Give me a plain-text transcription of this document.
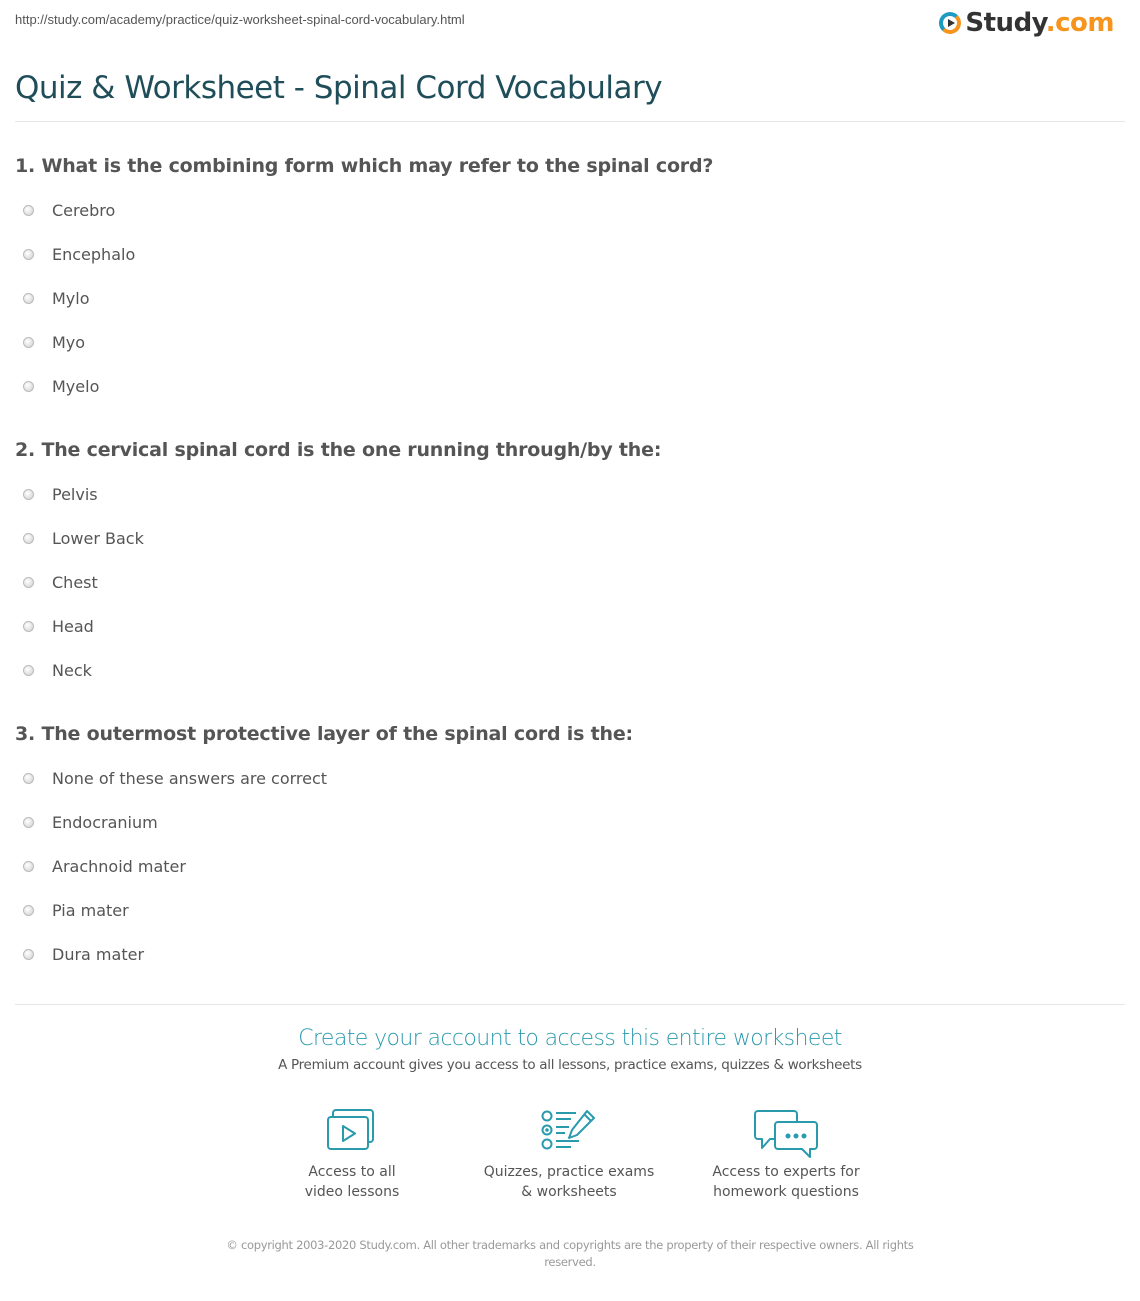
http://study.com/academy/practice/quiz-worksheet-spinal-cord-vocabulary.html	Study.com
Quiz & Worksheet - Spinal Cord Vocabulary
1. What is the combining form which may refer to the spinal cord?
Cerebro
Encephalo
Mylo
Myo
Myelo
2. The cervical spinal cord is the one running through/by the:
Pelvis
Lower Back
Chest
Head
Neck
3. The outermost protective layer of the spinal cord is the:
None of these answers are correct
Endocranium
Arachnoid mater
Pia mater
Dura mater

Create your account to access this entire worksheet

A Premium account gives you access to all lessons, practice exams, quizzes & worksheets
Access to all
video lessons
Quizzes, practice exams
& worksheets
Access to experts for
homework questions
© copyright 2003-2020 Study.com. All other trademarks and copyrights are the property of their respective owners. All rights
reserved.
